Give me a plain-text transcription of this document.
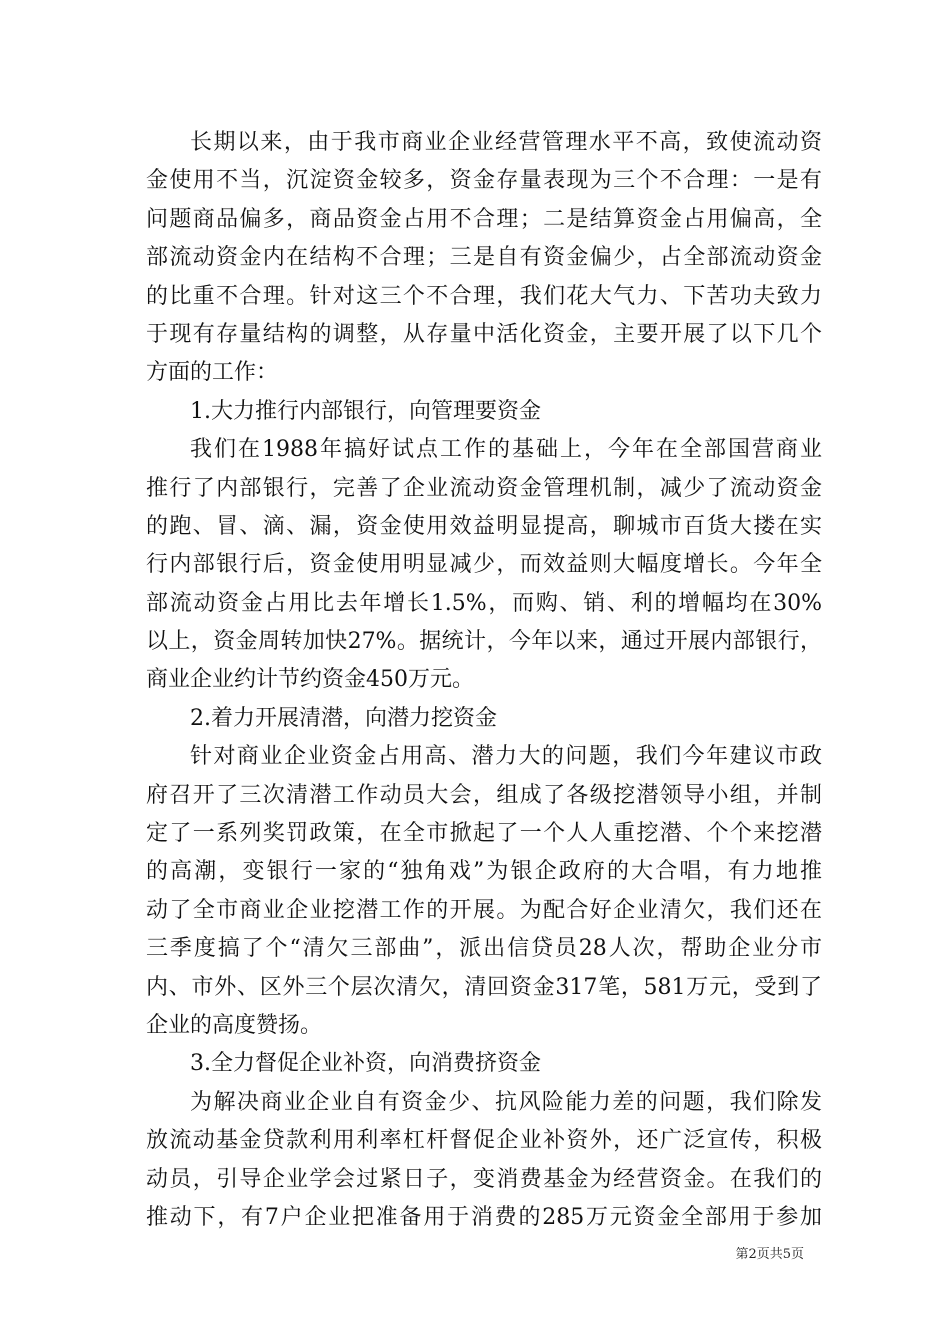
长期以来，由于我市商业企业经营管理水平不高，致使流动资
金使用不当，沉淀资金较多，资金存量表现为三个不合理：一是有
问题商品偏多，商品资金占用不合理；二是结算资金占用偏高，全
部流动资金内在结构不合理；三是自有资金偏少，占全部流动资金
的比重不合理。针对这三个不合理，我们花大气力、下苦功夫致力
于现有存量结构的调整，从存量中活化资金，主要开展了以下几个
方面的工作：
1.大力推行内部银行，向管理要资金
我们在1988年搞好试点工作的基础上，今年在全部国营商业
推行了内部银行，完善了企业流动资金管理机制，减少了流动资金
的跑、冒、滴、漏，资金使用效益明显提高，聊城市百货大搂在实
行内部银行后，资金使用明显减少，而效益则大幅度增长。今年全
部流动资金占用比去年增长1.5%，而购、销、利的增幅均在30%
以上，资金周转加快27%。据统计，今年以来，通过开展内部银行，
商业企业约计节约资金450万元。
2.着力开展清潜，向潜力挖资金
针对商业企业资金占用高、潜力大的问题，我们今年建议市政
府召开了三次清潜工作动员大会，组成了各级挖潜领导小组，并制
定了一系列奖罚政策，在全市掀起了一个人人重挖潜、个个来挖潜
的高潮，变银行一家的“独角戏”为银企政府的大合唱，有力地推
动了全市商业企业挖潜工作的开展。为配合好企业清欠，我们还在
三季度搞了个“清欠三部曲”，派出信贷员28人次，帮助企业分市
内、市外、区外三个层次清欠，清回资金317笔，581万元，受到了
企业的高度赞扬。
3.全力督促企业补资，向消费挤资金
为解决商业企业自有资金少、抗风险能力差的问题，我们除发
放流动基金贷款利用利率杠杆督促企业补资外，还广泛宣传，积极
动员，引导企业学会过紧日子，变消费基金为经营资金。在我们的
推动下，有7户企业把准备用于消费的285万元资金全部用于参加
第2页共5页
